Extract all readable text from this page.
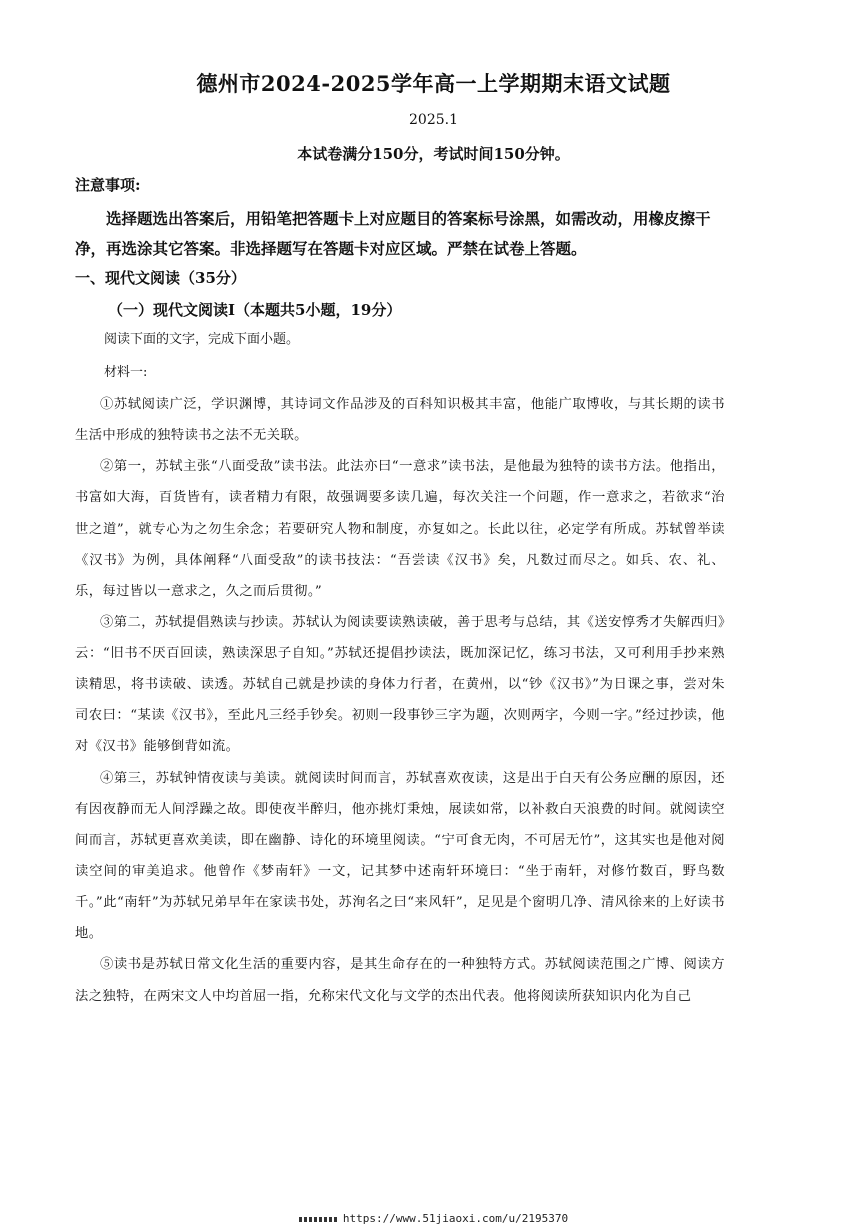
德州市2024-2025学年高一上学期期末语文试题
2025.1
本试卷满分150分，考试时间150分钟。
注意事项:
选择题选出答案后，用铅笔把答题卡上对应题目的答案标号涂黑，如需改动，用橡皮擦干净，再选涂其它答案。非选择题写在答题卡对应区域。严禁在试卷上答题。
一、现代文阅读（35分）
（一）现代文阅读Ⅰ（本题共5小题，19分）
阅读下面的文字，完成下面小题。
材料一:

①苏轼阅读广泛，学识渊博，其诗词文作品涉及的百科知识极其丰富，他能广取博收，与其长期的读书生活中形成的独特读书之法不无关联。

②第一，苏轼主张“八面受敌”读书法。此法亦曰“一意求”读书法，是他最为独特的读书方法。他指出，书富如大海，百货皆有，读者精力有限，故强调要多读几遍，每次关注一个问题，作一意求之，若欲求“治世之道”，就专心为之勿生余念；若要研究人物和制度，亦复如之。长此以往，必定学有所成。苏轼曾举读《汉书》为例，具体阐释“八面受敌”的读书技法：“吾尝读《汉书》矣，凡数过而尽之。如兵、农、礼、乐，每过皆以一意求之，久之而后贯彻。”

③第二，苏轼提倡熟读与抄读。苏轼认为阅读要读熟读破，善于思考与总结，其《送安惇秀才失解西归》云：“旧书不厌百回读，熟读深思子自知。”苏轼还提倡抄读法，既加深记忆，练习书法，又可利用手抄来熟读精思，将书读破、读透。苏轼自己就是抄读的身体力行者，在黄州，以“钞《汉书》”为日课之事，尝对朱司农曰：“某读《汉书》，至此凡三经手钞矣。初则一段事钞三字为题，次则两字，今则一字。”经过抄读，他对《汉书》能够倒背如流。

④第三，苏轼钟情夜读与美读。就阅读时间而言，苏轼喜欢夜读，这是出于白天有公务应酬的原因，还有因夜静而无人间浮躁之故。即使夜半醉归，他亦挑灯秉烛，展读如常，以补救白天浪费的时间。就阅读空间而言，苏轼更喜欢美读，即在幽静、诗化的环境里阅读。“宁可食无肉，不可居无竹”，这其实也是他对阅读空间的审美追求。他曾作《梦南轩》一文，记其梦中述南轩环境曰：“坐于南轩，对修竹数百，野鸟数千。”此“南轩”为苏轼兄弟早年在家读书处，苏洵名之曰“来风轩”，足见是个窗明几净、清风徐来的上好读书地。

⑤读书是苏轼日常文化生活的重要内容，是其生命存在的一种独特方式。苏轼阅读范围之广博、阅读方法之独特，在两宋文人中均首屈一指，允称宋代文化与文学的杰出代表。他将阅读所获知识内化为自己

https://www.51jiaoxi.com/u/2195370
